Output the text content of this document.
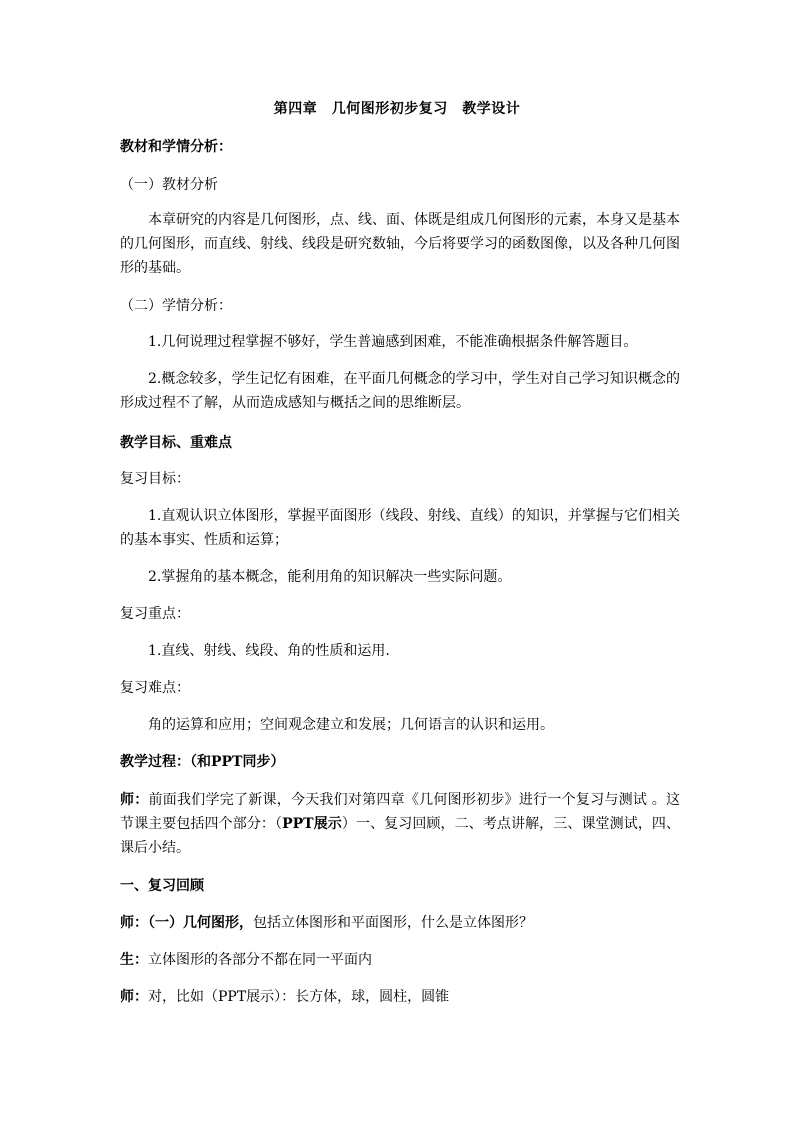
第四章　几何图形初步复习　教学设计
教材和学情分析：
（一）教材分析
本章研究的内容是几何图形，点、线、面、体既是组成几何图形的元素，本身又是基本的几何图形，而直线、射线、线段是研究数轴，今后将要学习的函数图像，以及各种几何图形的基础。
（二）学情分析：
1.几何说理过程掌握不够好，学生普遍感到困难，不能准确根据条件解答题目。
2.概念较多，学生记忆有困难，在平面几何概念的学习中，学生对自己学习知识概念的形成过程不了解，从而造成感知与概括之间的思维断层。
教学目标、重难点
复习目标：
1.直观认识立体图形，掌握平面图形（线段、射线、直线）的知识，并掌握与它们相关的基本事实、性质和运算；
2.掌握角的基本概念，能利用角的知识解决一些实际问题。
复习重点：
1.直线、射线、线段、角的性质和运用.
复习难点：
角的运算和应用；空间观念建立和发展；几何语言的认识和运用。
教学过程：（和PPT同步）
师：前面我们学完了新课，今天我们对第四章《几何图形初步》进行一个复习与测试 。这节课主要包括四个部分：（PPT展示）一、复习回顾，二、考点讲解，三、课堂测试，四、课后小结。
一、复习回顾
师：（一）几何图形，包括立体图形和平面图形，什么是立体图形？
生：立体图形的各部分不都在同一平面内
师：对，比如（PPT展示）：长方体，球，圆柱，圆锥
